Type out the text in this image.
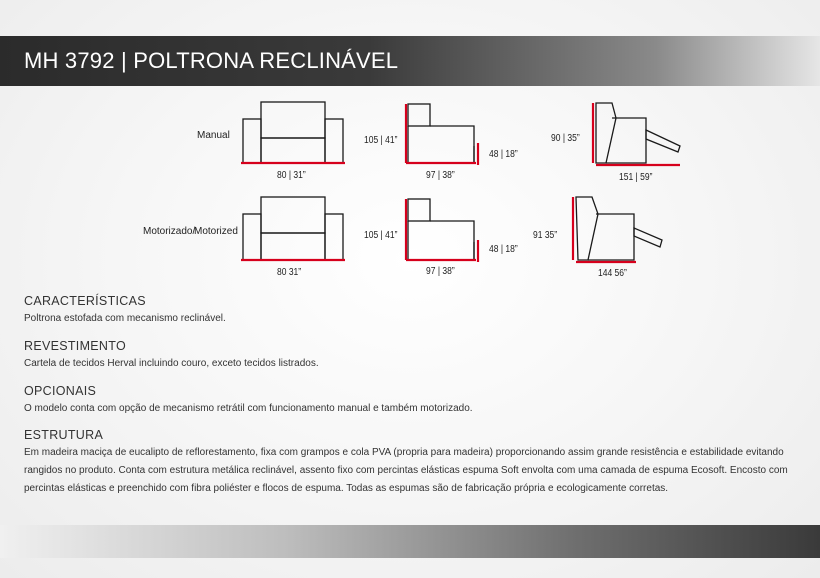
MH 3792 | POLTRONA RECLINÁVEL
Manual
Motorizado/
Motorized
80 | 31”
105 | 41”
48 | 18”
97 | 38”
90 | 35”
151 | 59”
80 31”
105 | 41”
48 | 18”
97 | 38”
91 35”
144 56”
CARACTERÍSTICAS

Poltrona estofada com mecanismo reclinável.

REVESTIMENTO

Cartela de tecidos Herval incluindo couro, exceto tecidos listrados.

OPCIONAIS

O modelo conta com opção de mecanismo retrátil com funcionamento manual e também motorizado.

ESTRUTURA

Em madeira maciça de eucalipto de reflorestamento, fixa com grampos e cola PVA (propria para madeira) proporcionando assim grande resistência e estabilidade evitando rangidos no produto. Conta com estrutura metálica reclinável, assento fixo com percintas elásticas espuma Soft envolta com uma camada de espuma Ecosoft. Encosto com percintas elásticas e preenchido com fibra poliéster e flocos de espuma. Todas as espumas são de fabricação própria e ecologicamente corretas.
